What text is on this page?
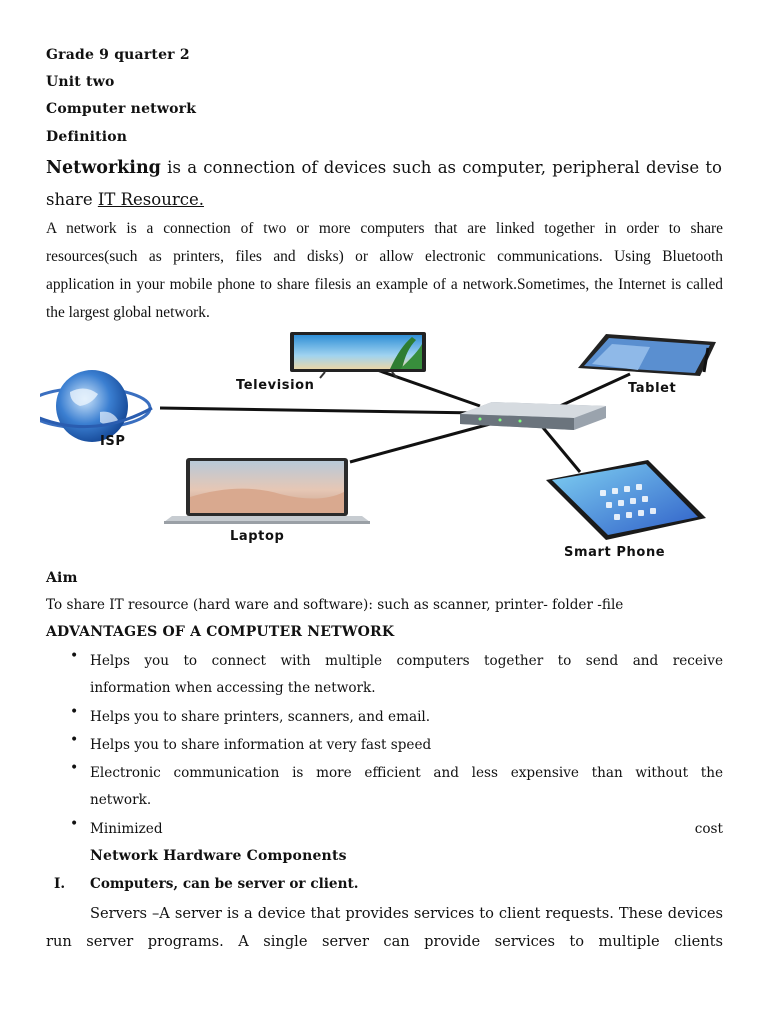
Grade 9 quarter 2
Unit two
Computer network
Definition
Networking is a connection of devices such as computer, peripheral devise to share IT Resource.
A network is a connection of two or more computers that are linked together in order to share
resources(such as printers, files and disks) or allow electronic communications. Using Bluetooth
application in your mobile phone to share filesis an example of a network.Sometimes, the Internet is called
the largest global network.
Television	Tablet
ISP
Laptop
Smart Phone
Aim
To share IT resource (hard ware and software): such as scanner, printer- folder -file
ADVANTAGES OF A COMPUTER NETWORK
• Helps you to connect with multiple computers together to send and receive
information when accessing the network.
• Helps you to share printers, scanners, and email.
• Helps you to share information at very fast speed
• Electronic communication is more efficient and less expensive than without the
network.
• Minimized	cost
Network Hardware Components
I. Computers, can be server or client.
Servers –A server is a device that provides services to client requests. These devices
run server programs. A single server can provide services to multiple clients
